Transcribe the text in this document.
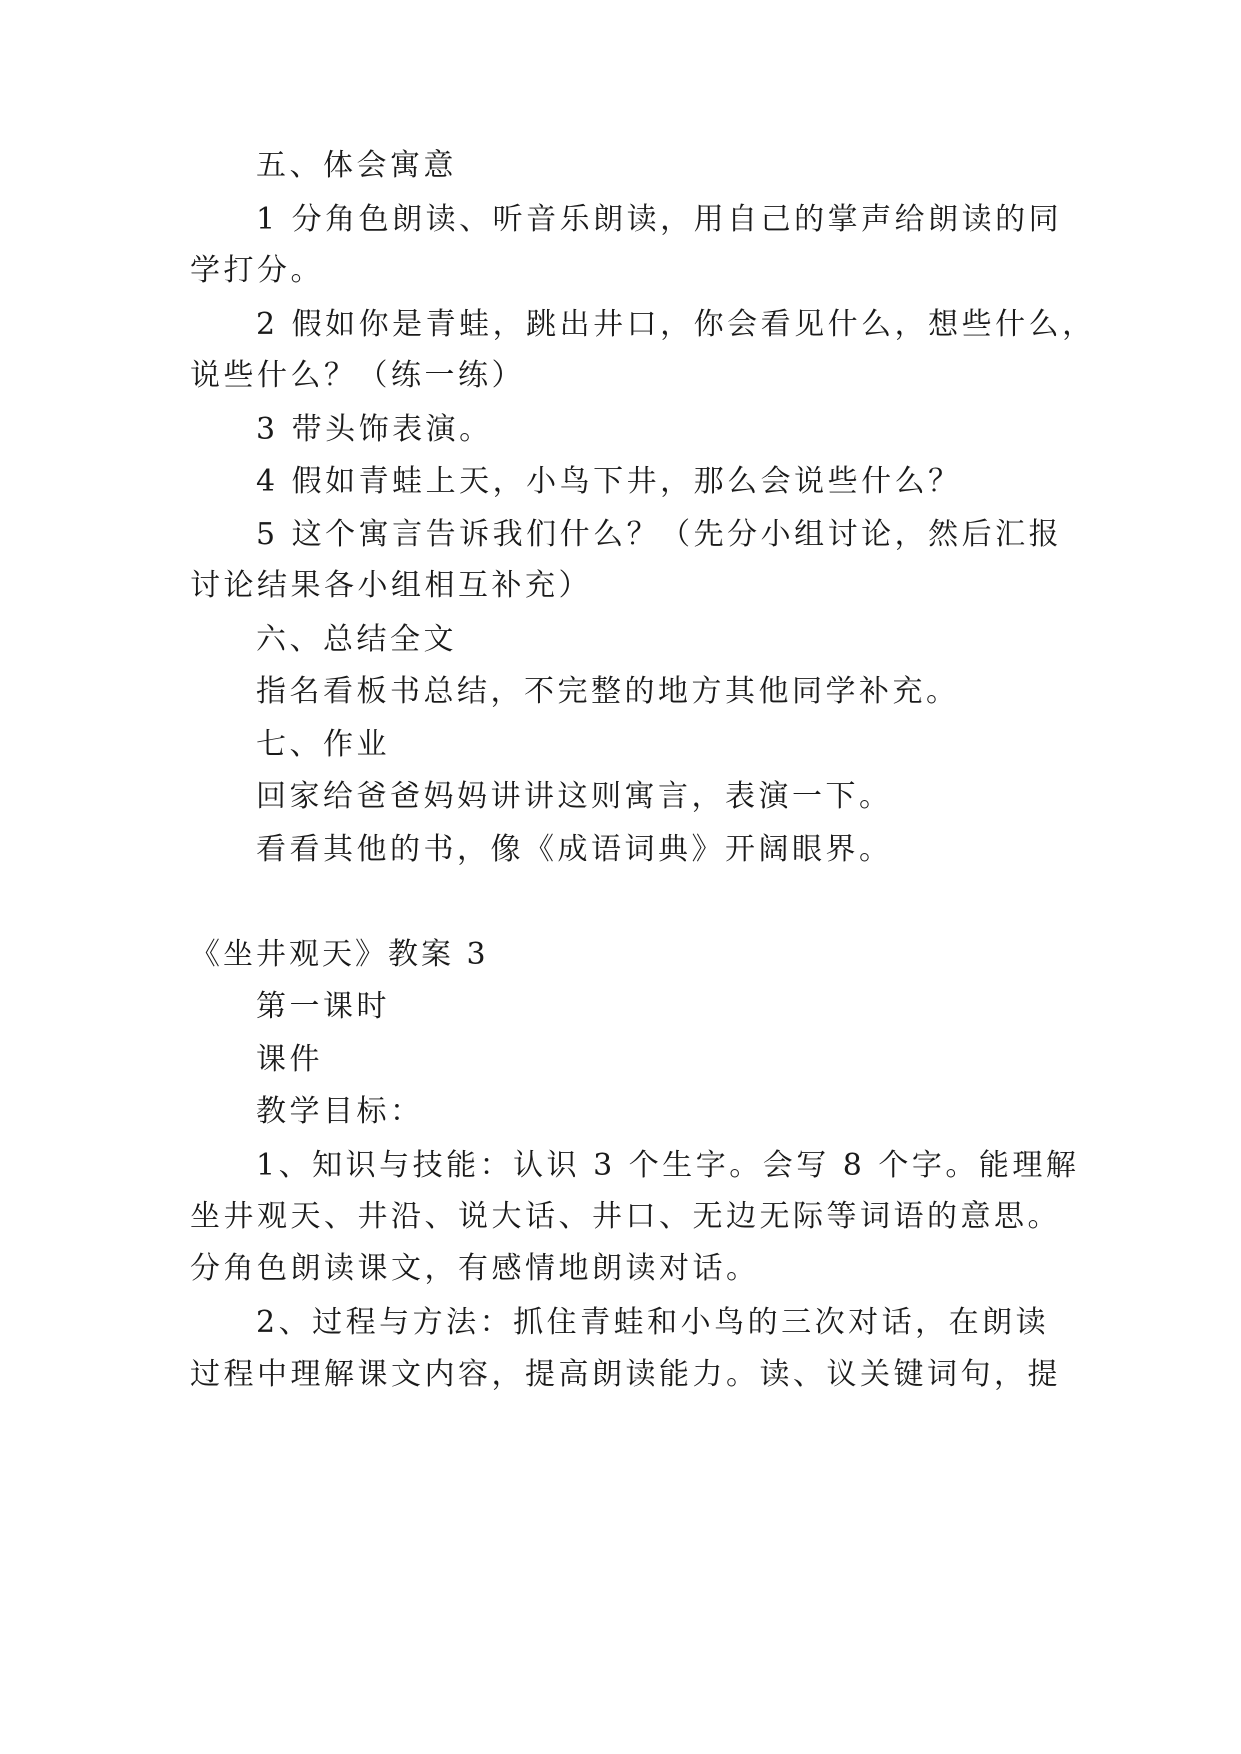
五、体会寓意
1 分角色朗读、听音乐朗读，用自己的掌声给朗读的同
学打分。
2 假如你是青蛙，跳出井口，你会看见什么，想些什么，
说些什么？（练一练）
3 带头饰表演。
4 假如青蛙上天，小鸟下井，那么会说些什么？
5 这个寓言告诉我们什么？（先分小组讨论，然后汇报
讨论结果各小组相互补充）
六、总结全文
指名看板书总结，不完整的地方其他同学补充。
七、作业
回家给爸爸妈妈讲讲这则寓言，表演一下。
看看其他的书，像《成语词典》开阔眼界。
《坐井观天》教案 3
第一课时
课件
教学目标：
1、知识与技能：认识 3 个生字。会写 8 个字。能理解
坐井观天、井沿、说大话、井口、无边无际等词语的意思。
分角色朗读课文，有感情地朗读对话。
2、过程与方法：抓住青蛙和小鸟的三次对话，在朗读
过程中理解课文内容，提高朗读能力。读、议关键词句，提
